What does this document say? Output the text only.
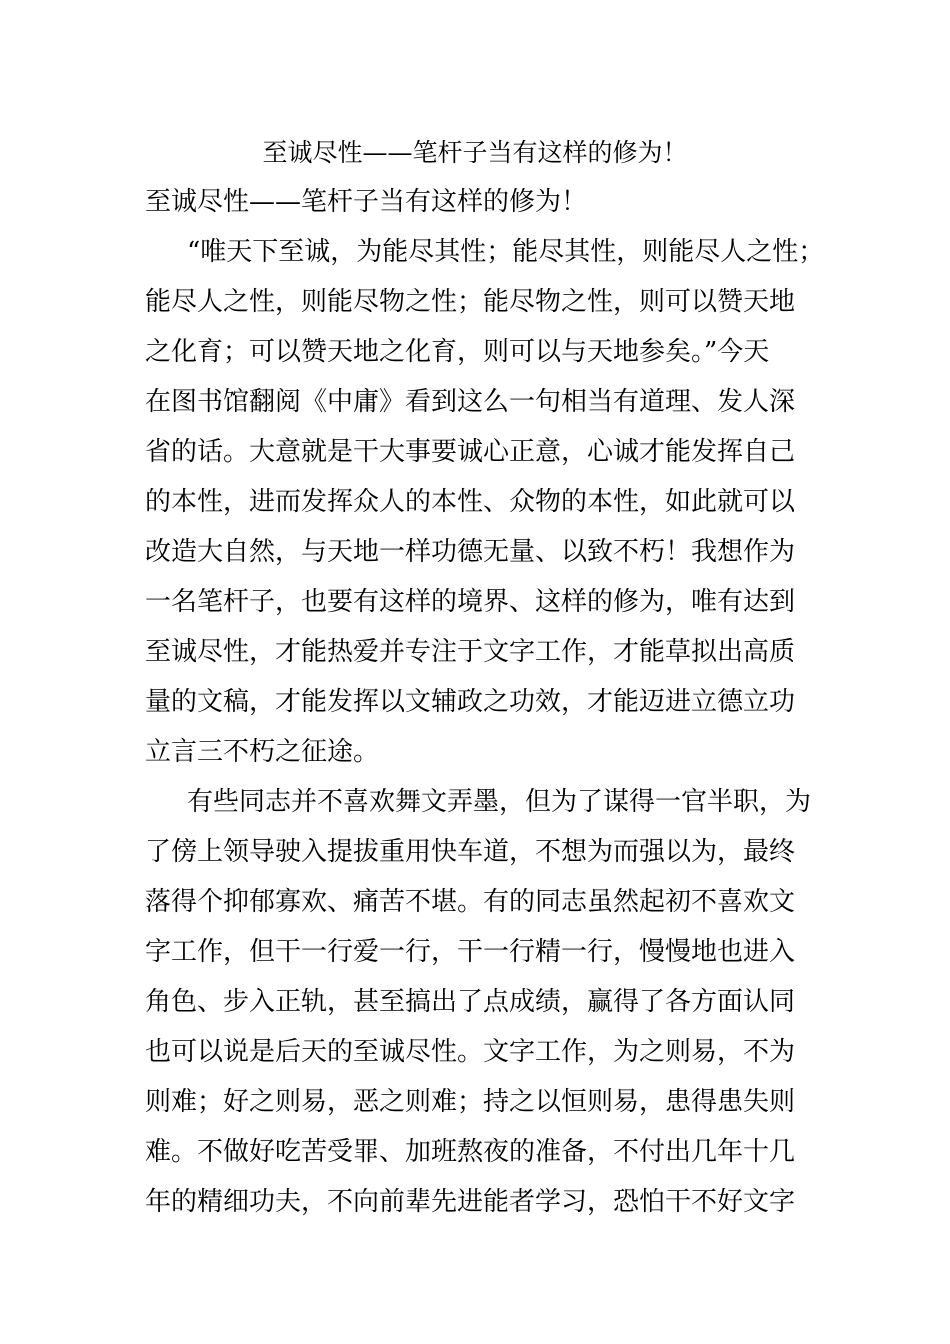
至诚尽性——笔杆子当有这样的修为！
至诚尽性——笔杆子当有这样的修为！
“唯天下至诚，为能尽其性；能尽其性，则能尽人之性；
能尽人之性，则能尽物之性；能尽物之性，则可以赞天地
之化育；可以赞天地之化育，则可以与天地参矣。”今天
在图书馆翻阅《中庸》看到这么一句相当有道理、发人深
省的话。大意就是干大事要诚心正意，心诚才能发挥自己
的本性，进而发挥众人的本性、众物的本性，如此就可以
改造大自然，与天地一样功德无量、以致不朽！我想作为
一名笔杆子，也要有这样的境界、这样的修为，唯有达到
至诚尽性，才能热爱并专注于文字工作，才能草拟出高质
量的文稿，才能发挥以文辅政之功效，才能迈进立德立功
立言三不朽之征途。
有些同志并不喜欢舞文弄墨，但为了谋得一官半职，为
了傍上领导驶入提拔重用快车道，不想为而强以为，最终
落得个抑郁寡欢、痛苦不堪。有的同志虽然起初不喜欢文
字工作，但干一行爱一行，干一行精一行，慢慢地也进入
角色、步入正轨，甚至搞出了点成绩，赢得了各方面认同
也可以说是后天的至诚尽性。文字工作，为之则易，不为
则难；好之则易，恶之则难；持之以恒则易，患得患失则
难。不做好吃苦受罪、加班熬夜的准备，不付出几年十几
年的精细功夫，不向前辈先进能者学习，恐怕干不好文字
